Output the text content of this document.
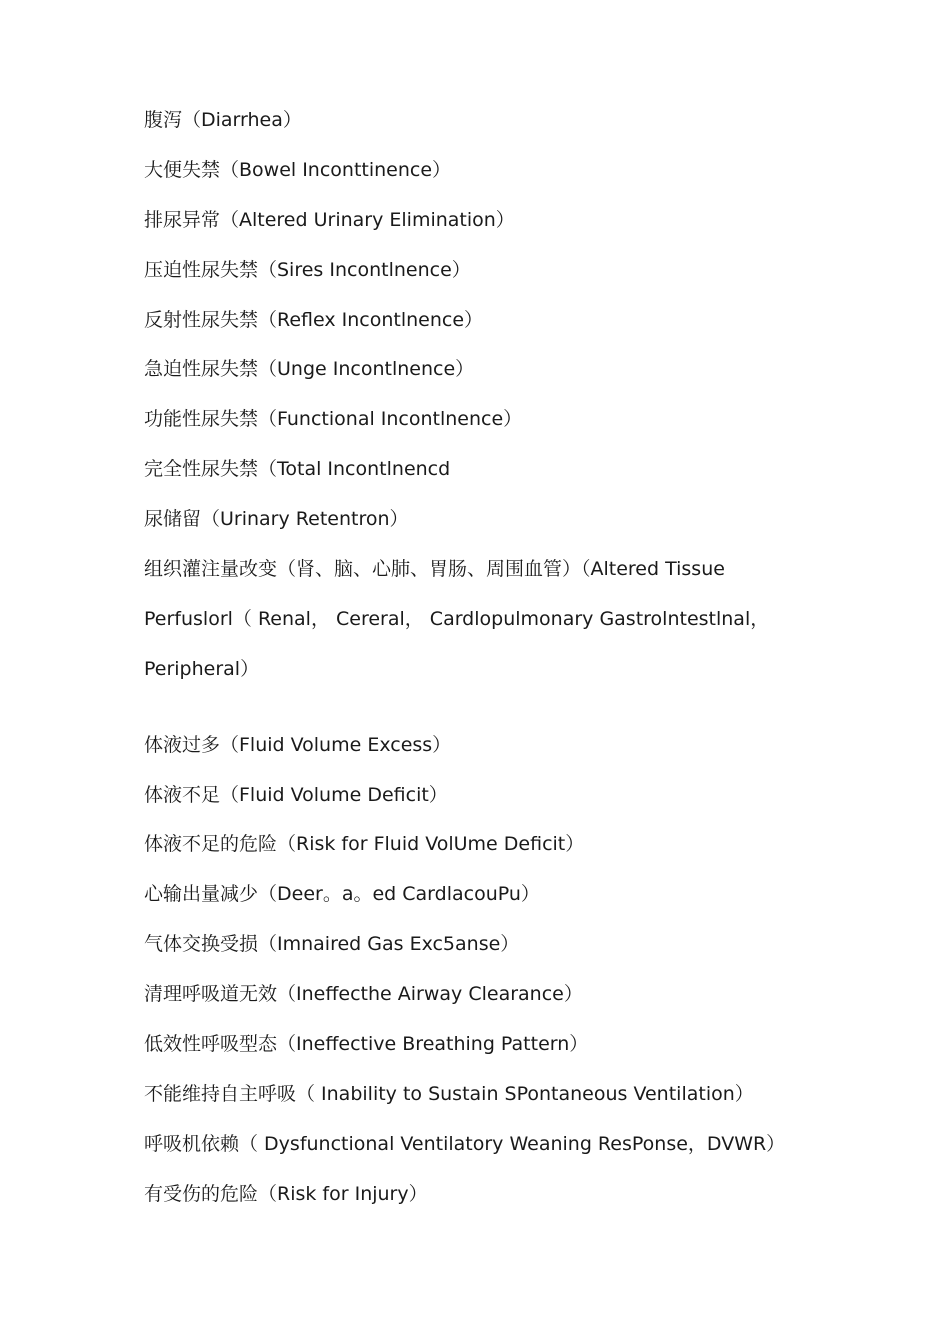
腹泻（Diarrhea）
大便失禁（Bowel Inconttinence）
排尿异常（Altered Urinary Elimination）
压迫性尿失禁（Sires Incontlnence）
反射性尿失禁（Reflex Incontlnence）
急迫性尿失禁（Unge Incontlnence）
功能性尿失禁（Functional Incontlnence）
完全性尿失禁（Total Incontlnencd
尿储留（Urinary Retentron）
组织灌注量改变（肾、脑、心肺、胃肠、周围血管）（Altered Tissue
Perfuslorl（ Renal， Cereral， Cardlopulmonary Gastrolntestlnal，
Peripheral）
体液过多（Fluid Volume Excess）
体液不足（Fluid Volume Deficit）
体液不足的危险（Risk for Fluid VolUme Deficit）
心输出量减少（Deer。a。ed CardlacouPu）
气体交换受损（Imnaired Gas Exc5anse）
清理呼吸道无效（Ineffecthe Airway Clearance）
低效性呼吸型态（Ineffective Breathing Pattern）
不能维持自主呼吸（ Inability to Sustain SPontaneous Ventilation）
呼吸机依赖（ Dysfunctional Ventilatory Weaning ResPonse，DVWR）
有受伤的危险（Risk for Injury）
